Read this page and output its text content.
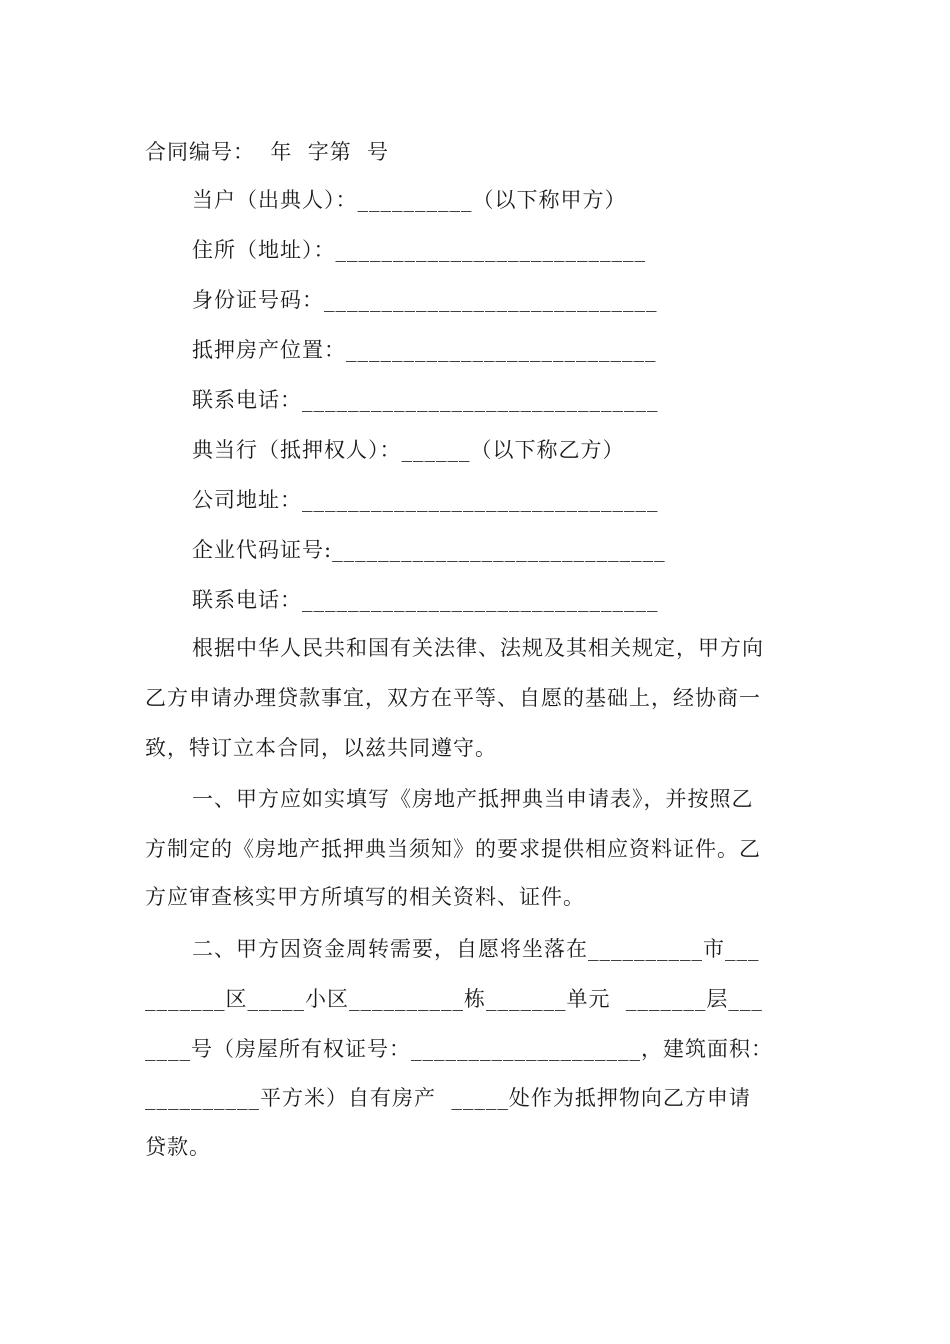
合同编号：  年  字第  号
当户（出典人）：__________（以下称甲方）
住所（地址）：___________________________
身份证号码：_____________________________
抵押房产位置：___________________________
联系电话：_______________________________
典当行（抵押权人）：______（以下称乙方）
公司地址：_______________________________
企业代码证号:_____________________________
联系电话：_______________________________
根据中华人民共和国有关法律、法规及其相关规定，甲方向
乙方申请办理贷款事宜，双方在平等、自愿的基础上，经协商一
致，特订立本合同，以兹共同遵守。
一、甲方应如实填写《房地产抵押典当申请表》，并按照乙
方制定的《房地产抵押典当须知》的要求提供相应资料证件。乙
方应审查核实甲方所填写的相关资料、证件。
二、甲方因资金周转需要，自愿将坐落在__________市___
_______区_____小区__________栋_______单元  _______层___
____号（房屋所有权证号：____________________，建筑面积：
__________平方米）自有房产  _____处作为抵押物向乙方申请
贷款。
